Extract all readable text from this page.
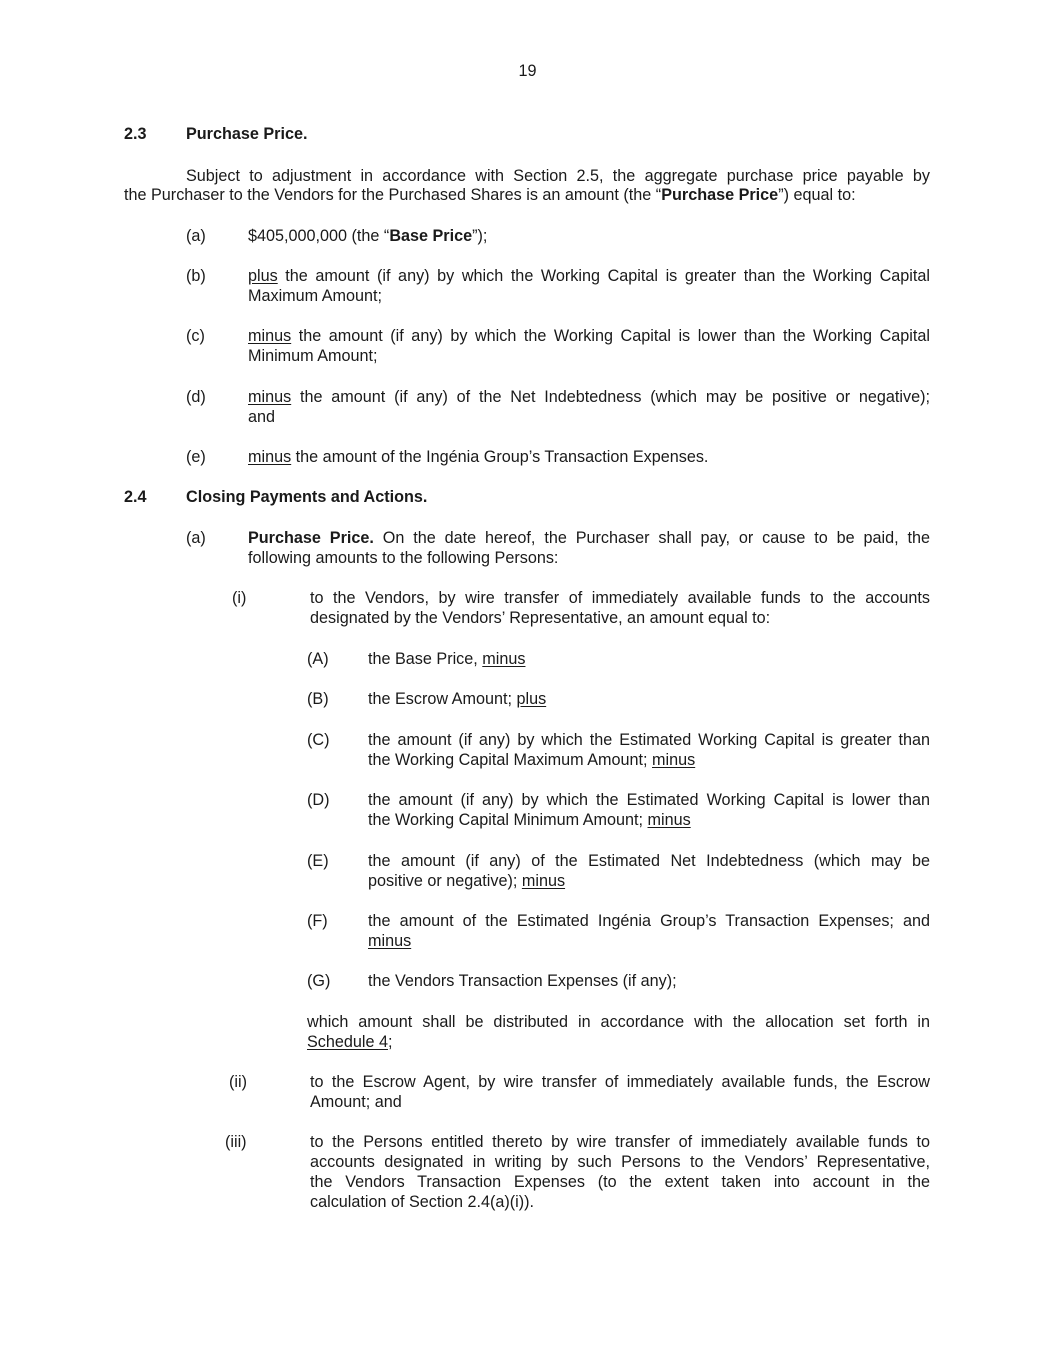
19
2.3 Purchase Price.
Subject to adjustment in accordance with Section 2.5, the aggregate purchase price payable by
the Purchaser to the Vendors for the Purchased Shares is an amount (the “Purchase Price”) equal to:
(a)	$405,000,000 (the “Base Price”);
(b)	plus the amount (if any) by which the Working Capital is greater than the Working Capital
Maximum Amount;
(c)	minus the amount (if any) by which the Working Capital is lower than the Working Capital
Minimum Amount;
(d)	minus the amount (if any) of the Net Indebtedness (which may be positive or negative);
and
(e)	minus the amount of the Ingénia Group’s Transaction Expenses.
2.4 Closing Payments and Actions.
(a)	Purchase Price. On the date hereof, the Purchaser shall pay, or cause to be paid, the
following amounts to the following Persons:
(i)	to the Vendors, by wire transfer of immediately available funds to the accounts
designated by the Vendors’ Representative, an amount equal to:
(A) the Base Price, minus
(B) the Escrow Amount; plus
(C) the amount (if any) by which the Estimated Working Capital is greater than
the Working Capital Maximum Amount; minus
(D) the amount (if any) by which the Estimated Working Capital is lower than
the Working Capital Minimum Amount; minus
(E) the amount (if any) of the Estimated Net Indebtedness (which may be
positive or negative); minus
(F) the amount of the Estimated Ingénia Group’s Transaction Expenses; and
minus
(G) the Vendors Transaction Expenses (if any);
which amount shall be distributed in accordance with the allocation set forth in
Schedule 4;
(ii)	to the Escrow Agent, by wire transfer of immediately available funds, the Escrow
Amount; and
(iii)	to the Persons entitled thereto by wire transfer of immediately available funds to
accounts designated in writing by such Persons to the Vendors’ Representative,
the Vendors Transaction Expenses (to the extent taken into account in the
calculation of Section 2.4(a)(i)).
